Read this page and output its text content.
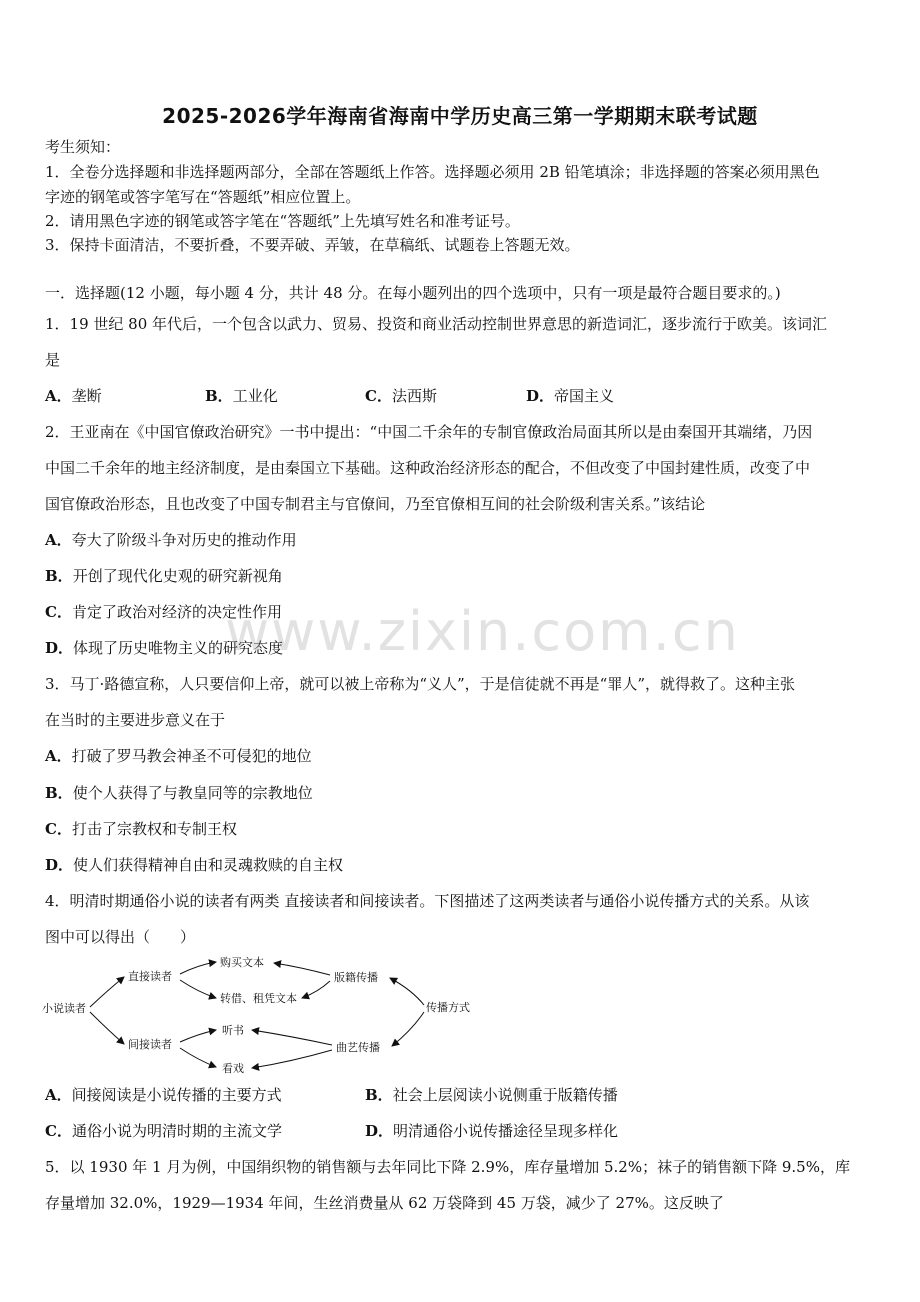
2025-2026学年海南省海南中学历史高三第一学期期末联考试题
考生须知：
1．全卷分选择题和非选择题两部分，全部在答题纸上作答。选择题必须用 2B 铅笔填涂；非选择题的答案必须用黑色
字迹的钢笔或答字笔写在“答题纸”相应位置上。
2．请用黑色字迹的钢笔或答字笔在“答题纸”上先填写姓名和准考证号。
3．保持卡面清洁，不要折叠，不要弄破、弄皱，在草稿纸、试题卷上答题无效。
一．选择题(12 小题，每小题 4 分，共计 48 分。在每小题列出的四个选项中，只有一项是最符合题目要求的。)
1．19 世纪 80 年代后，一个包含以武力、贸易、投资和商业活动控制世界意思的新造词汇，逐步流行于欧美。该词汇
是
A．垄断	B．工业化	C．法西斯	D．帝国主义
2．王亚南在《中国官僚政治研究》一书中提出：“中国二千余年的专制官僚政治局面其所以是由秦国开其端绪，乃因
中国二千余年的地主经济制度，是由秦国立下基础。这种政治经济形态的配合，不但改变了中国封建性质，改变了中
国官僚政治形态，且也改变了中国专制君主与官僚间，乃至官僚相互间的社会阶级利害关系。”该结论
A．夸大了阶级斗争对历史的推动作用
B．开创了现代化史观的研究新视角
C．肯定了政治对经济的决定性作用
D．体现了历史唯物主义的研究态度
3．马丁·路德宣称，人只要信仰上帝，就可以被上帝称为“义人”，于是信徒就不再是“罪人”，就得救了。这种主张
在当时的主要进步意义在于
A．打破了罗马教会神圣不可侵犯的地位
B．使个人获得了与教皇同等的宗教地位
C．打击了宗教权和专制王权
D．使人们获得精神自由和灵魂救赎的自主权
4．明清时期通俗小说的读者有两类 直接读者和间接读者。下图描述了这两类读者与通俗小说传播方式的关系。从该
图中可以得出（　　）
小说读者
直接读者
间接读者
购买文本
转借、租凭文本
听书
看戏
版籍传播
曲艺传播
传播方式
A．间接阅读是小说传播的主要方式	B．社会上层阅读小说侧重于版籍传播
C．通俗小说为明清时期的主流文学	D．明清通俗小说传播途径呈现多样化
5．以 1930 年 1 月为例，中国绢织物的销售额与去年同比下降 2.9%，库存量增加 5.2%；袜子的销售额下降 9.5%，库
存量增加 32.0%，1929—1934 年间，生丝消费量从 62 万袋降到 45 万袋，减少了 27%。这反映了
www.zixin.com.cn
